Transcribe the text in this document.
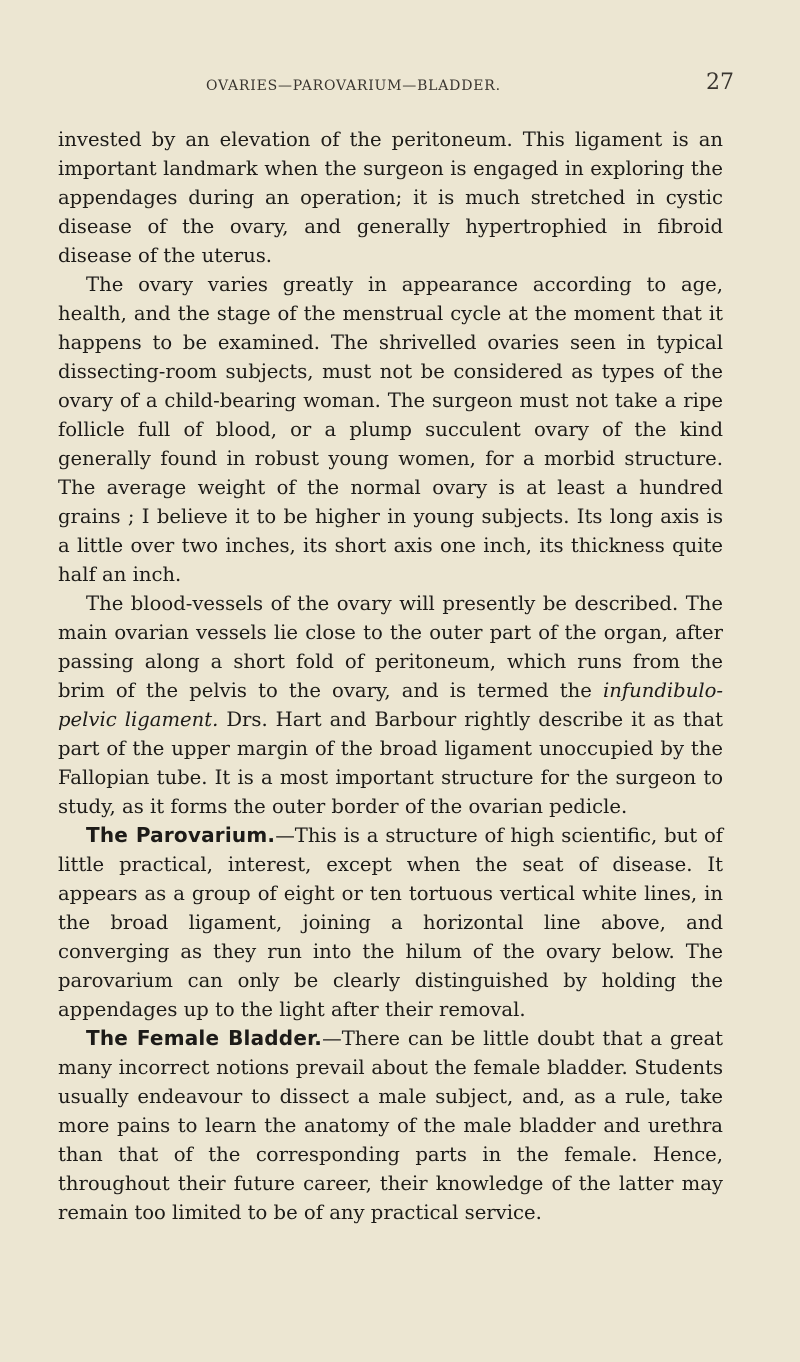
OVARIES—PAROVARIUM—BLADDER.	27

invested by an elevation of the peritoneum. This ligament is an important landmark when the surgeon is engaged in exploring the appendages during an operation; it is much stretched in cystic disease of the ovary, and generally hypertrophied in fibroid disease of the uterus.

The ovary varies greatly in appearance according to age, health, and the stage of the menstrual cycle at the moment that it happens to be examined. The shrivelled ovaries seen in typical dissecting-room subjects, must not be considered as types of the ovary of a child-bearing woman. The surgeon must not take a ripe follicle full of blood, or a plump succulent ovary of the kind generally found in robust young women, for a morbid structure. The average weight of the normal ovary is at least a hundred grains ; I believe it to be higher in young subjects. Its long axis is a little over two inches, its short axis one inch, its thickness quite half an inch.

The blood-vessels of the ovary will presently be described. The main ovarian vessels lie close to the outer part of the organ, after passing along a short fold of peritoneum, which runs from the brim of the pelvis to the ovary, and is termed the infundibulo-pelvic ligament. Drs. Hart and Barbour rightly describe it as that part of the upper margin of the broad ligament unoccupied by the Fallopian tube. It is a most important structure for the surgeon to study, as it forms the outer border of the ovarian pedicle.

The Parovarium.—This is a structure of high scientific, but of little practical, interest, except when the seat of disease. It appears as a group of eight or ten tortuous vertical white lines, in the broad ligament, joining a horizontal line above, and converging as they run into the hilum of the ovary below. The parovarium can only be clearly distinguished by holding the appendages up to the light after their removal.

The Female Bladder.—There can be little doubt that a great many incorrect notions prevail about the female bladder. Students usually endeavour to dissect a male subject, and, as a rule, take more pains to learn the anatomy of the male bladder and urethra than that of the corresponding parts in the female. Hence, throughout their future career, their knowledge of the latter may remain too limited to be of any practical service.
